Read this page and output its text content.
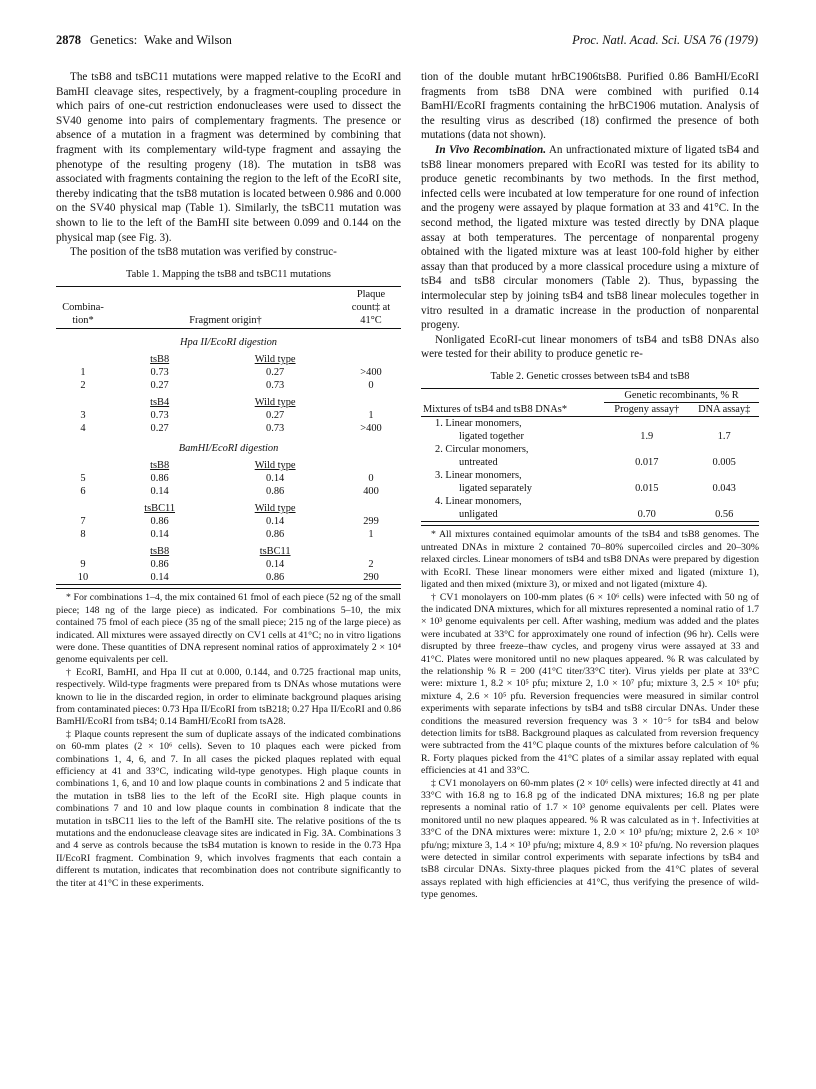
2878 Genetics: Wake and Wilson	Proc. Natl. Acad. Sci. USA 76 (1979)

The tsB8 and tsBC11 mutations were mapped relative to the EcoRI and BamHI cleavage sites, respectively, by a fragment-coupling procedure in which pairs of one-cut restriction endonucleases were used to dissect the SV40 genome into pairs of complementary fragments. The presence or absence of a mutation in a fragment was determined by combining that fragment with its complementary wild-type fragment and assaying the phenotype of the resulting progeny (18). The mutation in tsB8 was associated with fragments containing the region to the left of the EcoRI site, thereby indicating that the tsB8 mutation is located between 0.986 and 0.000 on the SV40 physical map (Table 1). Similarly, the tsBC11 mutation was shown to lie to the left of the BamHI site between 0.099 and 0.144 on the physical map (see Fig. 3).

The position of the tsB8 mutation was verified by construc-

Table 1. Mapping the tsB8 and tsBC11 mutations
Combina-tion*	Fragment origin†		Plaque count‡ at 41°C
Hpa II/EcoRI digestion			
	tsB8	Wild type	
1	0.73	0.27	>400
2	0.27	0.73	0
	tsB4	Wild type	
3	0.73	0.27	1
4	0.27	0.73	>400
BamHI/EcoRI digestion			
	tsB8	Wild type	
5	0.86	0.14	0
6	0.14	0.86	400
	tsBC11	Wild type	
7	0.86	0.14	299
8	0.14	0.86	1
	tsB8	tsBC11	
9	0.86	0.14	2
10	0.14	0.86	290

* For combinations 1–4, the mix contained 61 fmol of each piece (52 ng of the small piece; 148 ng of the large piece) as indicated. For combinations 5–10, the mix contained 75 fmol of each piece (35 ng of the small piece; 215 ng of the large piece) as indicated. All mixtures were assayed directly on CV1 cells at 41°C; no in vitro ligations were done. These quantities of DNA represent nominal ratios of approximately 2 × 10⁴ genome equivalents per cell.

† EcoRI, BamHI, and Hpa II cut at 0.000, 0.144, and 0.725 fractional map units, respectively. Wild-type fragments were prepared from ts DNAs whose mutations were known to lie in the discarded region, in order to eliminate background plaques arising from contaminated pieces: 0.73 Hpa II/EcoRI from tsB218; 0.27 Hpa II/EcoRI and 0.86 BamHI/EcoRI from tsB4; 0.14 BamHI/EcoRI from tsA28.

‡ Plaque counts represent the sum of duplicate assays of the indicated combinations on 60-mm plates (2 × 10⁶ cells). Seven to 10 plaques each were picked from combinations 1, 4, 6, and 7. In all cases the picked plaques replated with equal efficiency at 41 and 33°C, indicating wild-type genotypes. High plaque counts in combinations 1, 6, and 10 and low plaque counts in combinations 2 and 5 indicate that the mutation in tsB8 lies to the left of the EcoRI site. High plaque counts in combinations 7 and 10 and low plaque counts in combination 8 indicate that the mutation in tsBC11 lies to the left of the BamHI site. The relative positions of the ts mutations and the endonuclease cleavage sites are indicated in Fig. 3A. Combinations 3 and 4 serve as controls because the tsB4 mutation is known to reside in the 0.73 Hpa II/EcoRI fragment. Combination 9, which involves fragments that each contain a different ts mutation, indicates that recombination does not contribute significantly to the titer at 41°C in these experiments.

tion of the double mutant hrBC1906tsB8. Purified 0.86 BamHI/EcoRI fragments from tsB8 DNA were combined with purified 0.14 BamHI/EcoRI fragments containing the hrBC1906 mutation. Analysis of the resulting virus as described (18) confirmed the presence of both mutations (data not shown).

In Vivo Recombination. An unfractionated mixture of ligated tsB4 and tsB8 linear monomers prepared with EcoRI was tested for its ability to produce genetic recombinants by two methods. In the first method, infected cells were incubated at low temperature for one round of infection and the progeny were assayed by plaque formation at 33 and 41°C. In the second method, the ligated mixture was tested directly by DNA plaque assay at both temperatures. The percentage of nonparental progeny obtained with the ligated mixture was at least 100-fold higher by either assay than that produced by a more classical procedure using a mixture of tsB4 and tsB8 circular monomers (Table 2). Thus, bypassing the intermolecular step by joining tsB4 and tsB8 linear molecules together in vitro resulted in a dramatic increase in the production of nonparental progeny.

Nonligated EcoRI-cut linear monomers of tsB4 and tsB8 DNAs also were tested for their ability to produce genetic re-

Table 2. Genetic crosses between tsB4 and tsB8
Mixtures of tsB4 and tsB8 DNAs*	Genetic recombinants, % R	
	Progeny assay†	DNA assay‡
1. Linear monomers,		
ligated together	1.9	1.7
2. Circular monomers,		
untreated	0.017	0.005
3. Linear monomers,		
ligated separately	0.015	0.043
4. Linear monomers,		
unligated	0.70	0.56

* All mixtures contained equimolar amounts of the tsB4 and tsB8 genomes. The untreated DNAs in mixture 2 contained 70–80% supercoiled circles and 20–30% relaxed circles. Linear monomers of tsB4 and tsB8 DNAs were prepared by digestion with EcoRI. These linear monomers were either mixed and ligated (mixture 1), ligated and then mixed (mixture 3), or mixed and not ligated (mixture 4).

† CV1 monolayers on 100-mm plates (6 × 10⁶ cells) were infected with 50 ng of the indicated DNA mixtures, which for all mixtures represented a nominal ratio of 1.7 × 10³ genome equivalents per cell. After washing, medium was added and the plates were incubated at 33°C for approximately one round of infection (96 hr). Cells were disrupted by three freeze–thaw cycles, and progeny virus were assayed at 33 and 41°C. Plates were monitored until no new plaques appeared. % R was calculated by the relationship % R = 200 (41°C titer/33°C titer). Virus yields per plate at 33°C were: mixture 1, 8.2 × 10⁵ pfu; mixture 2, 1.0 × 10⁷ pfu; mixture 3, 2.5 × 10⁶ pfu; mixture 4, 2.6 × 10⁵ pfu. Reversion frequencies were measured in similar control experiments with separate infections by tsB4 and tsB8 circular DNAs. Under these conditions the measured reversion frequency was 3 × 10⁻⁵ for tsB4 and below detection limits for tsB8. Background plaques as calculated from reversion frequency were subtracted from the 41°C plaque counts of the mixtures before calculation of % R. Forty plaques picked from the 41°C plates of a similar assay replated with equal efficiencies at 41 and 33°C.

‡ CV1 monolayers on 60-mm plates (2 × 10⁶ cells) were infected directly at 41 and 33°C with 16.8 ng to 16.8 pg of the indicated DNA mixtures; 16.8 ng per plate represents a nominal ratio of 1.7 × 10³ genome equivalents per cell. Plates were monitored until no new plaques appeared. % R was calculated as in †. Infectivities at 33°C of the DNA mixtures were: mixture 1, 2.0 × 10³ pfu/ng; mixture 2, 2.6 × 10³ pfu/ng; mixture 3, 1.4 × 10³ pfu/ng; mixture 4, 8.9 × 10² pfu/ng. No reversion plaques were detected in similar control experiments with separate infections by tsB4 and tsB8 circular DNAs. Sixty-three plaques picked from the 41°C plates of several assays replated with high efficiencies at 41°C, thus verifying the presence of wild-type genomes.
